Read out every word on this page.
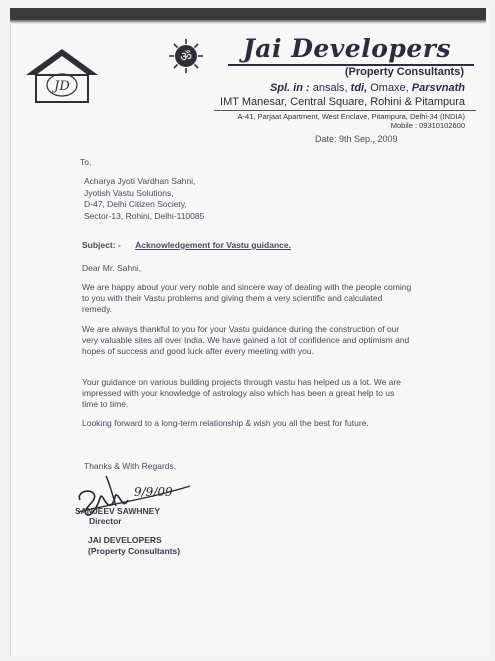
JD
ॐ	Jai Developers
(Property Consultants)
Spl. in : ansals, tdi, Omaxe, Parsvnath
IMT Manesar, Central Square, Rohini & Pitampura
A-41, Parjaat Apartment, West Enclave, Pitampura, Delhi-34 (INDIA)
Mobile : 09310102600
Date: 9th Sep., 2009
To,
Acharya Jyoti Vardhan Sahni,
Jyotish Vastu Solutions,
D-47, Delhi Citizen Society,
Sector-13, Rohini, Delhi-110085
Subject: - Acknowledgement for Vastu guidance.
Dear Mr. Sahni,
We are happy about your very noble and sincere way of dealing with the people coming to you with their Vastu problems and giving them a very scientific and calculated remedy.
We are always thankful to you for your Vastu guidance during the construction of our very valuable sites all over India. We have gained a lot of confidence and optimism and hopes of success and good luck after every meeting with you.
Your guidance on various building projects through vastu has helped us a lot. We are impressed with your knowledge of astrology also which has been a great help to us time to time.
Looking forward to a long-term relationship & wish you all the best for future.
Thanks & With Regards,
9/9/09
SANJEEV SAWHNEY
Director
JAI DEVELOPERS
(Property Consultants)
